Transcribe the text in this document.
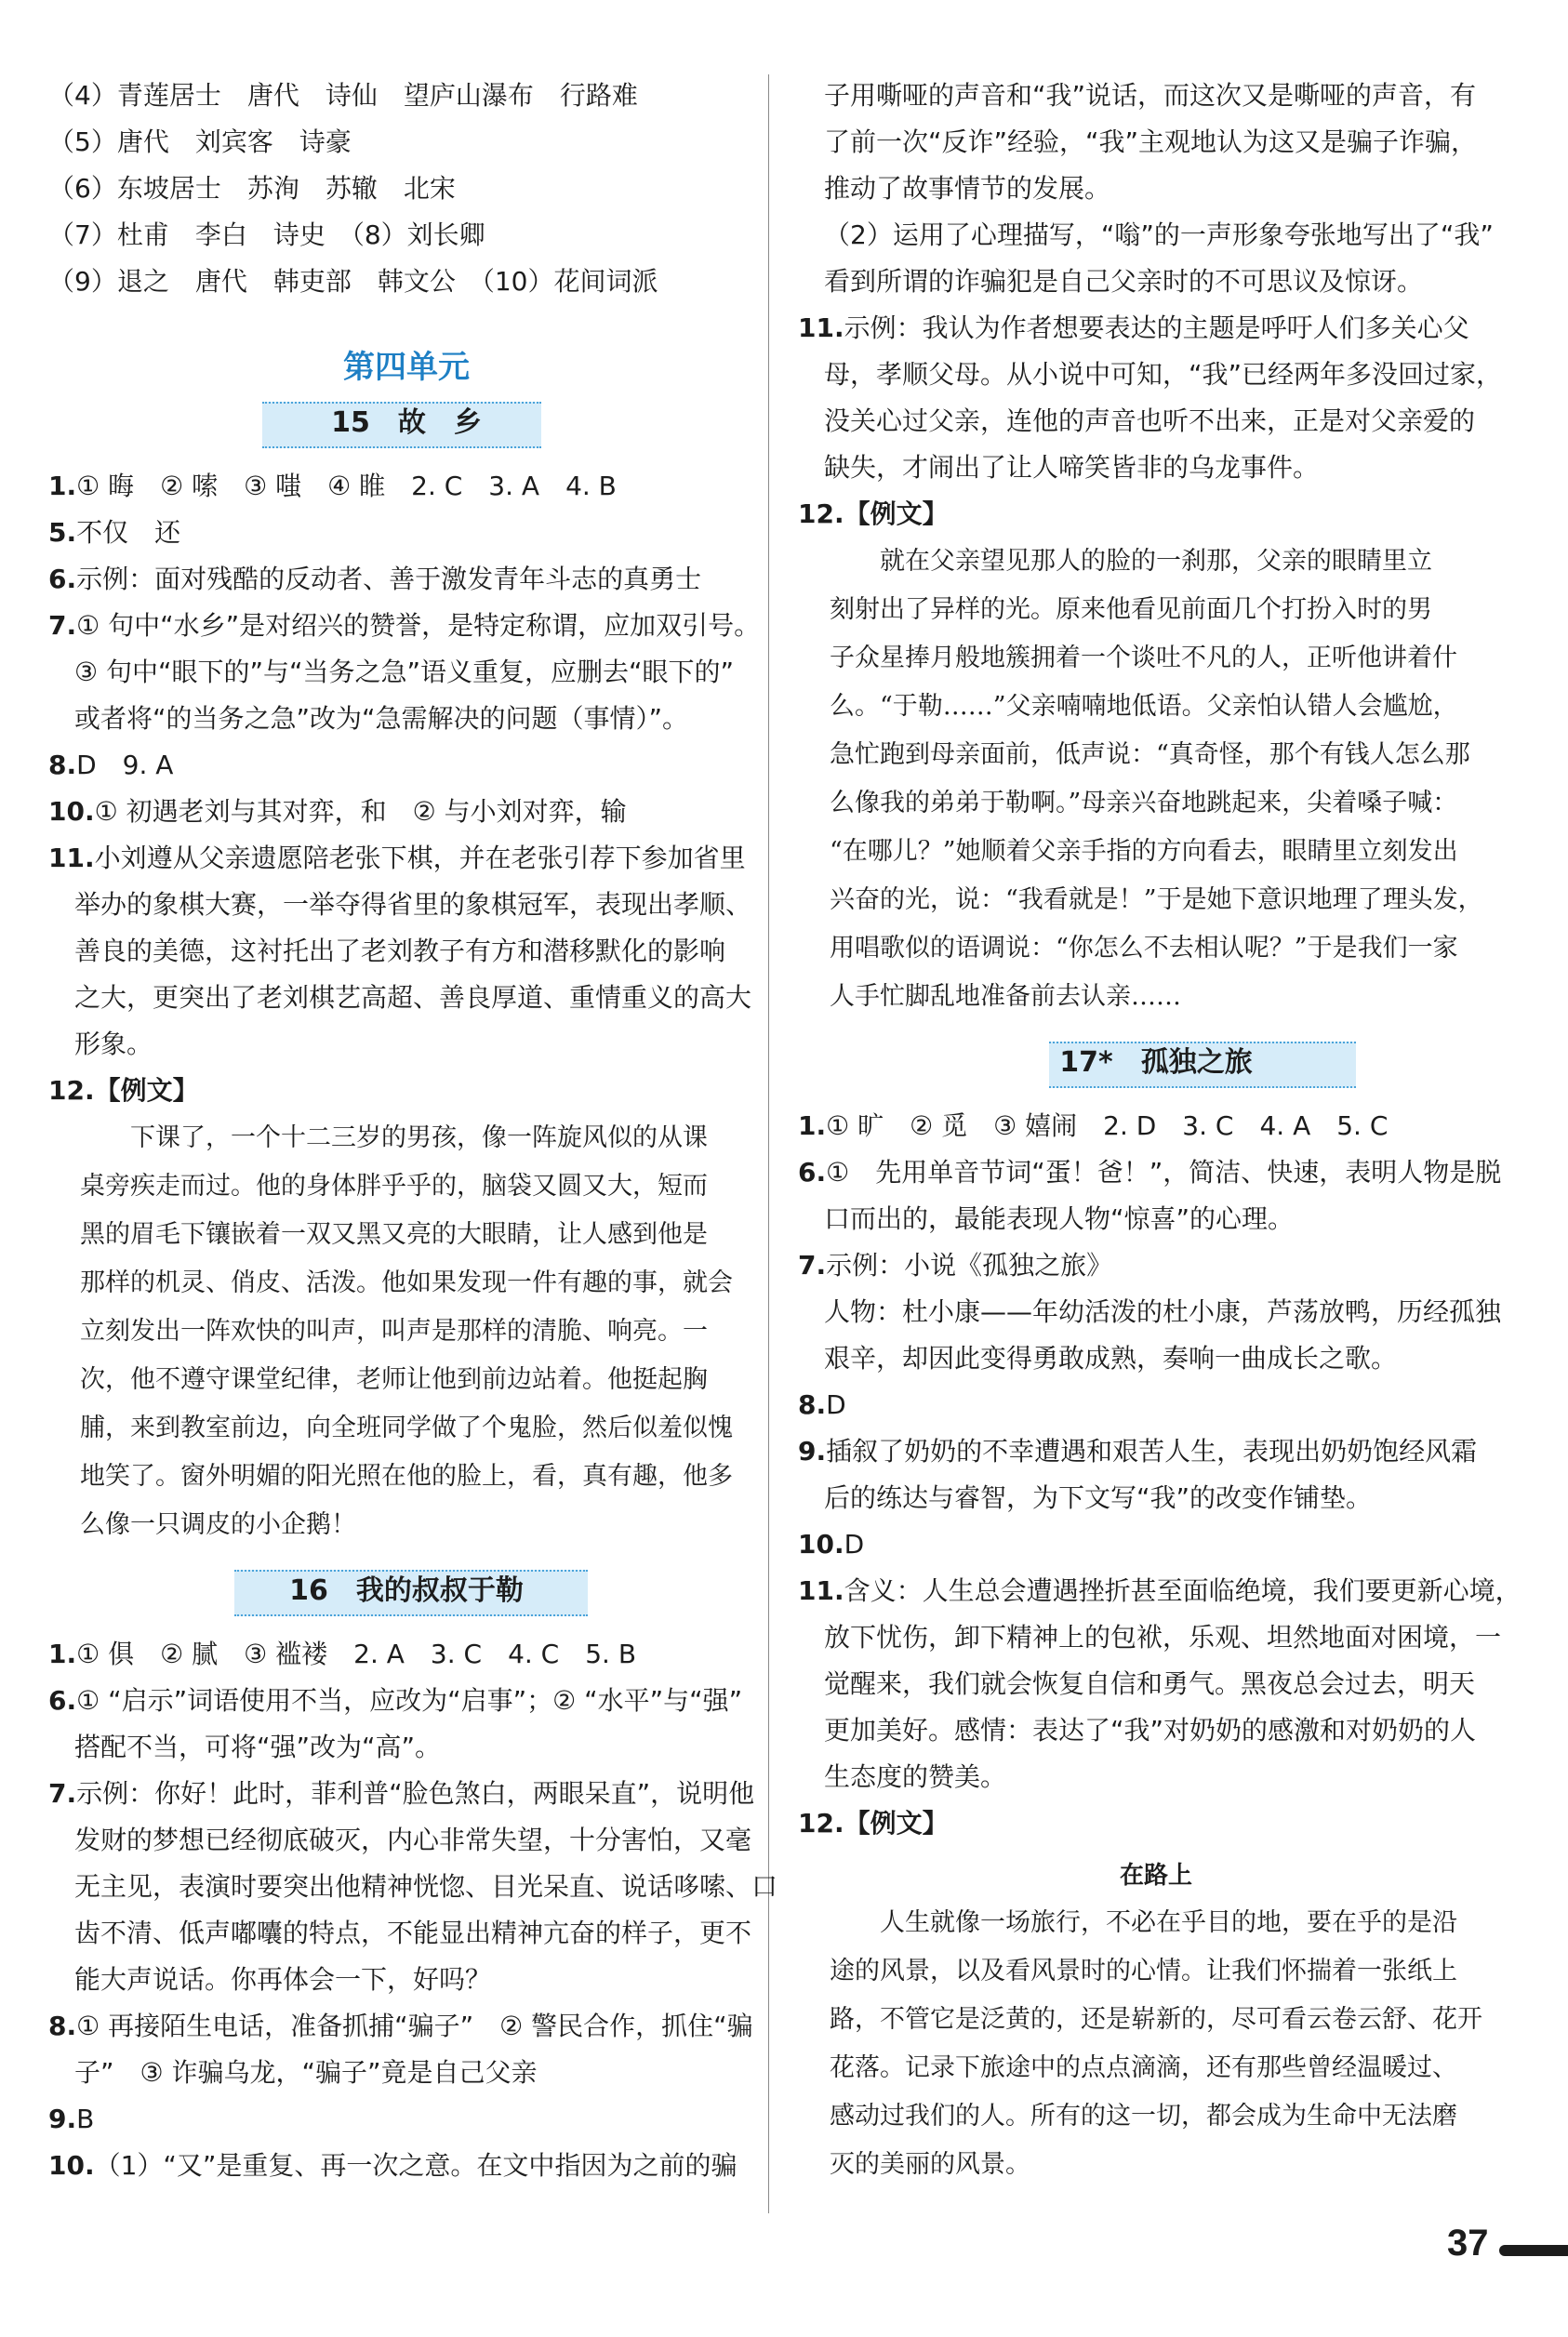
（4）青莲居士　唐代　诗仙　望庐山瀑布　行路难
（5）唐代　刘宾客　诗豪
（6）东坡居士　苏洵　苏辙　北宋
（7）杜甫　李白　诗史　（8）刘长卿
（9）退之　唐代　韩吏部　韩文公　（10）花间词派
第四单元
15　故　乡
1.① 晦　② 嗦　③ 嗤　④ 睢　2. C　3. A　4. B
5.不仅　还
6.示例：面对残酷的反动者、善于激发青年斗志的真勇士
7.① 句中“水乡”是对绍兴的赞誉，是特定称谓，应加双引号。
③ 句中“眼下的”与“当务之急”语义重复，应删去“眼下的”
或者将“的当务之急”改为“急需解决的问题（事情）”。
8.D　9. A
10.① 初遇老刘与其对弈，和　② 与小刘对弈，输
11.小刘遵从父亲遗愿陪老张下棋，并在老张引荐下参加省里
举办的象棋大赛，一举夺得省里的象棋冠军，表现出孝顺、
善良的美德，这衬托出了老刘教子有方和潜移默化的影响
之大，更突出了老刘棋艺高超、善良厚道、重情重义的高大
形象。
12.【例文】
　　下课了，一个十二三岁的男孩，像一阵旋风似的从课
桌旁疾走而过。他的身体胖乎乎的，脑袋又圆又大，短而
黑的眉毛下镶嵌着一双又黑又亮的大眼睛，让人感到他是
那样的机灵、俏皮、活泼。他如果发现一件有趣的事，就会
立刻发出一阵欢快的叫声，叫声是那样的清脆、响亮。一
次，他不遵守课堂纪律，老师让他到前边站着。他挺起胸
脯，来到教室前边，向全班同学做了个鬼脸，然后似羞似愧
地笑了。窗外明媚的阳光照在他的脸上，看，真有趣，他多
么像一只调皮的小企鹅！
16　我的叔叔于勒
1.① 俱　② 腻　③ 褴褛　2. A　3. C　4. C　5. B
6.① “启示”词语使用不当，应改为“启事”；② “水平”与“强”
搭配不当，可将“强”改为“高”。
7.示例：你好！此时，菲利普“脸色煞白，两眼呆直”，说明他
发财的梦想已经彻底破灭，内心非常失望，十分害怕，又毫
无主见，表演时要突出他精神恍惚、目光呆直、说话哆嗦、口
齿不清、低声嘟囔的特点，不能显出精神亢奋的样子，更不
能大声说话。你再体会一下，好吗？
8.① 再接陌生电话，准备抓捕“骗子”　② 警民合作，抓住“骗
子”　③ 诈骗乌龙，“骗子”竟是自己父亲
9.B
10.（1）“又”是重复、再一次之意。在文中指因为之前的骗
子用嘶哑的声音和“我”说话，而这次又是嘶哑的声音，有
了前一次“反诈”经验，“我”主观地认为这又是骗子诈骗，
推动了故事情节的发展。
（2）运用了心理描写，“嗡”的一声形象夸张地写出了“我”
看到所谓的诈骗犯是自己父亲时的不可思议及惊讶。
11.示例：我认为作者想要表达的主题是呼吁人们多关心父
母，孝顺父母。从小说中可知，“我”已经两年多没回过家，
没关心过父亲，连他的声音也听不出来，正是对父亲爱的
缺失，才闹出了让人啼笑皆非的乌龙事件。
12.【例文】
　　就在父亲望见那人的脸的一刹那，父亲的眼睛里立
刻射出了异样的光。原来他看见前面几个打扮入时的男
子众星捧月般地簇拥着一个谈吐不凡的人，正听他讲着什
么。“于勒……”父亲喃喃地低语。父亲怕认错人会尴尬，
急忙跑到母亲面前，低声说：“真奇怪，那个有钱人怎么那
么像我的弟弟于勒啊。”母亲兴奋地跳起来，尖着嗓子喊：
“在哪儿？”她顺着父亲手指的方向看去，眼睛里立刻发出
兴奋的光，说：“我看就是！”于是她下意识地理了理头发，
用唱歌似的语调说：“你怎么不去相认呢？”于是我们一家
人手忙脚乱地准备前去认亲……
17*　孤独之旅
1.① 旷　② 觅　③ 嬉闹　2. D　3. C　4. A　5. C
6.①　先用单音节词“蛋！爸！”，简洁、快速，表明人物是脱
口而出的，最能表现人物“惊喜”的心理。
7.示例：小说《孤独之旅》
人物：杜小康——年幼活泼的杜小康，芦荡放鸭，历经孤独
艰辛，却因此变得勇敢成熟，奏响一曲成长之歌。
8.D
9.插叙了奶奶的不幸遭遇和艰苦人生，表现出奶奶饱经风霜
后的练达与睿智，为下文写“我”的改变作铺垫。
10.D
11.含义：人生总会遭遇挫折甚至面临绝境，我们要更新心境，
放下忧伤，卸下精神上的包袱，乐观、坦然地面对困境，一
觉醒来，我们就会恢复自信和勇气。黑夜总会过去，明天
更加美好。感情：表达了“我”对奶奶的感激和对奶奶的人
生态度的赞美。
12.【例文】
在路上
　　人生就像一场旅行，不必在乎目的地，要在乎的是沿
途的风景，以及看风景时的心情。让我们怀揣着一张纸上
路，不管它是泛黄的，还是崭新的，尽可看云卷云舒、花开
花落。记录下旅途中的点点滴滴，还有那些曾经温暖过、
感动过我们的人。所有的这一切，都会成为生命中无法磨
灭的美丽的风景。
37
